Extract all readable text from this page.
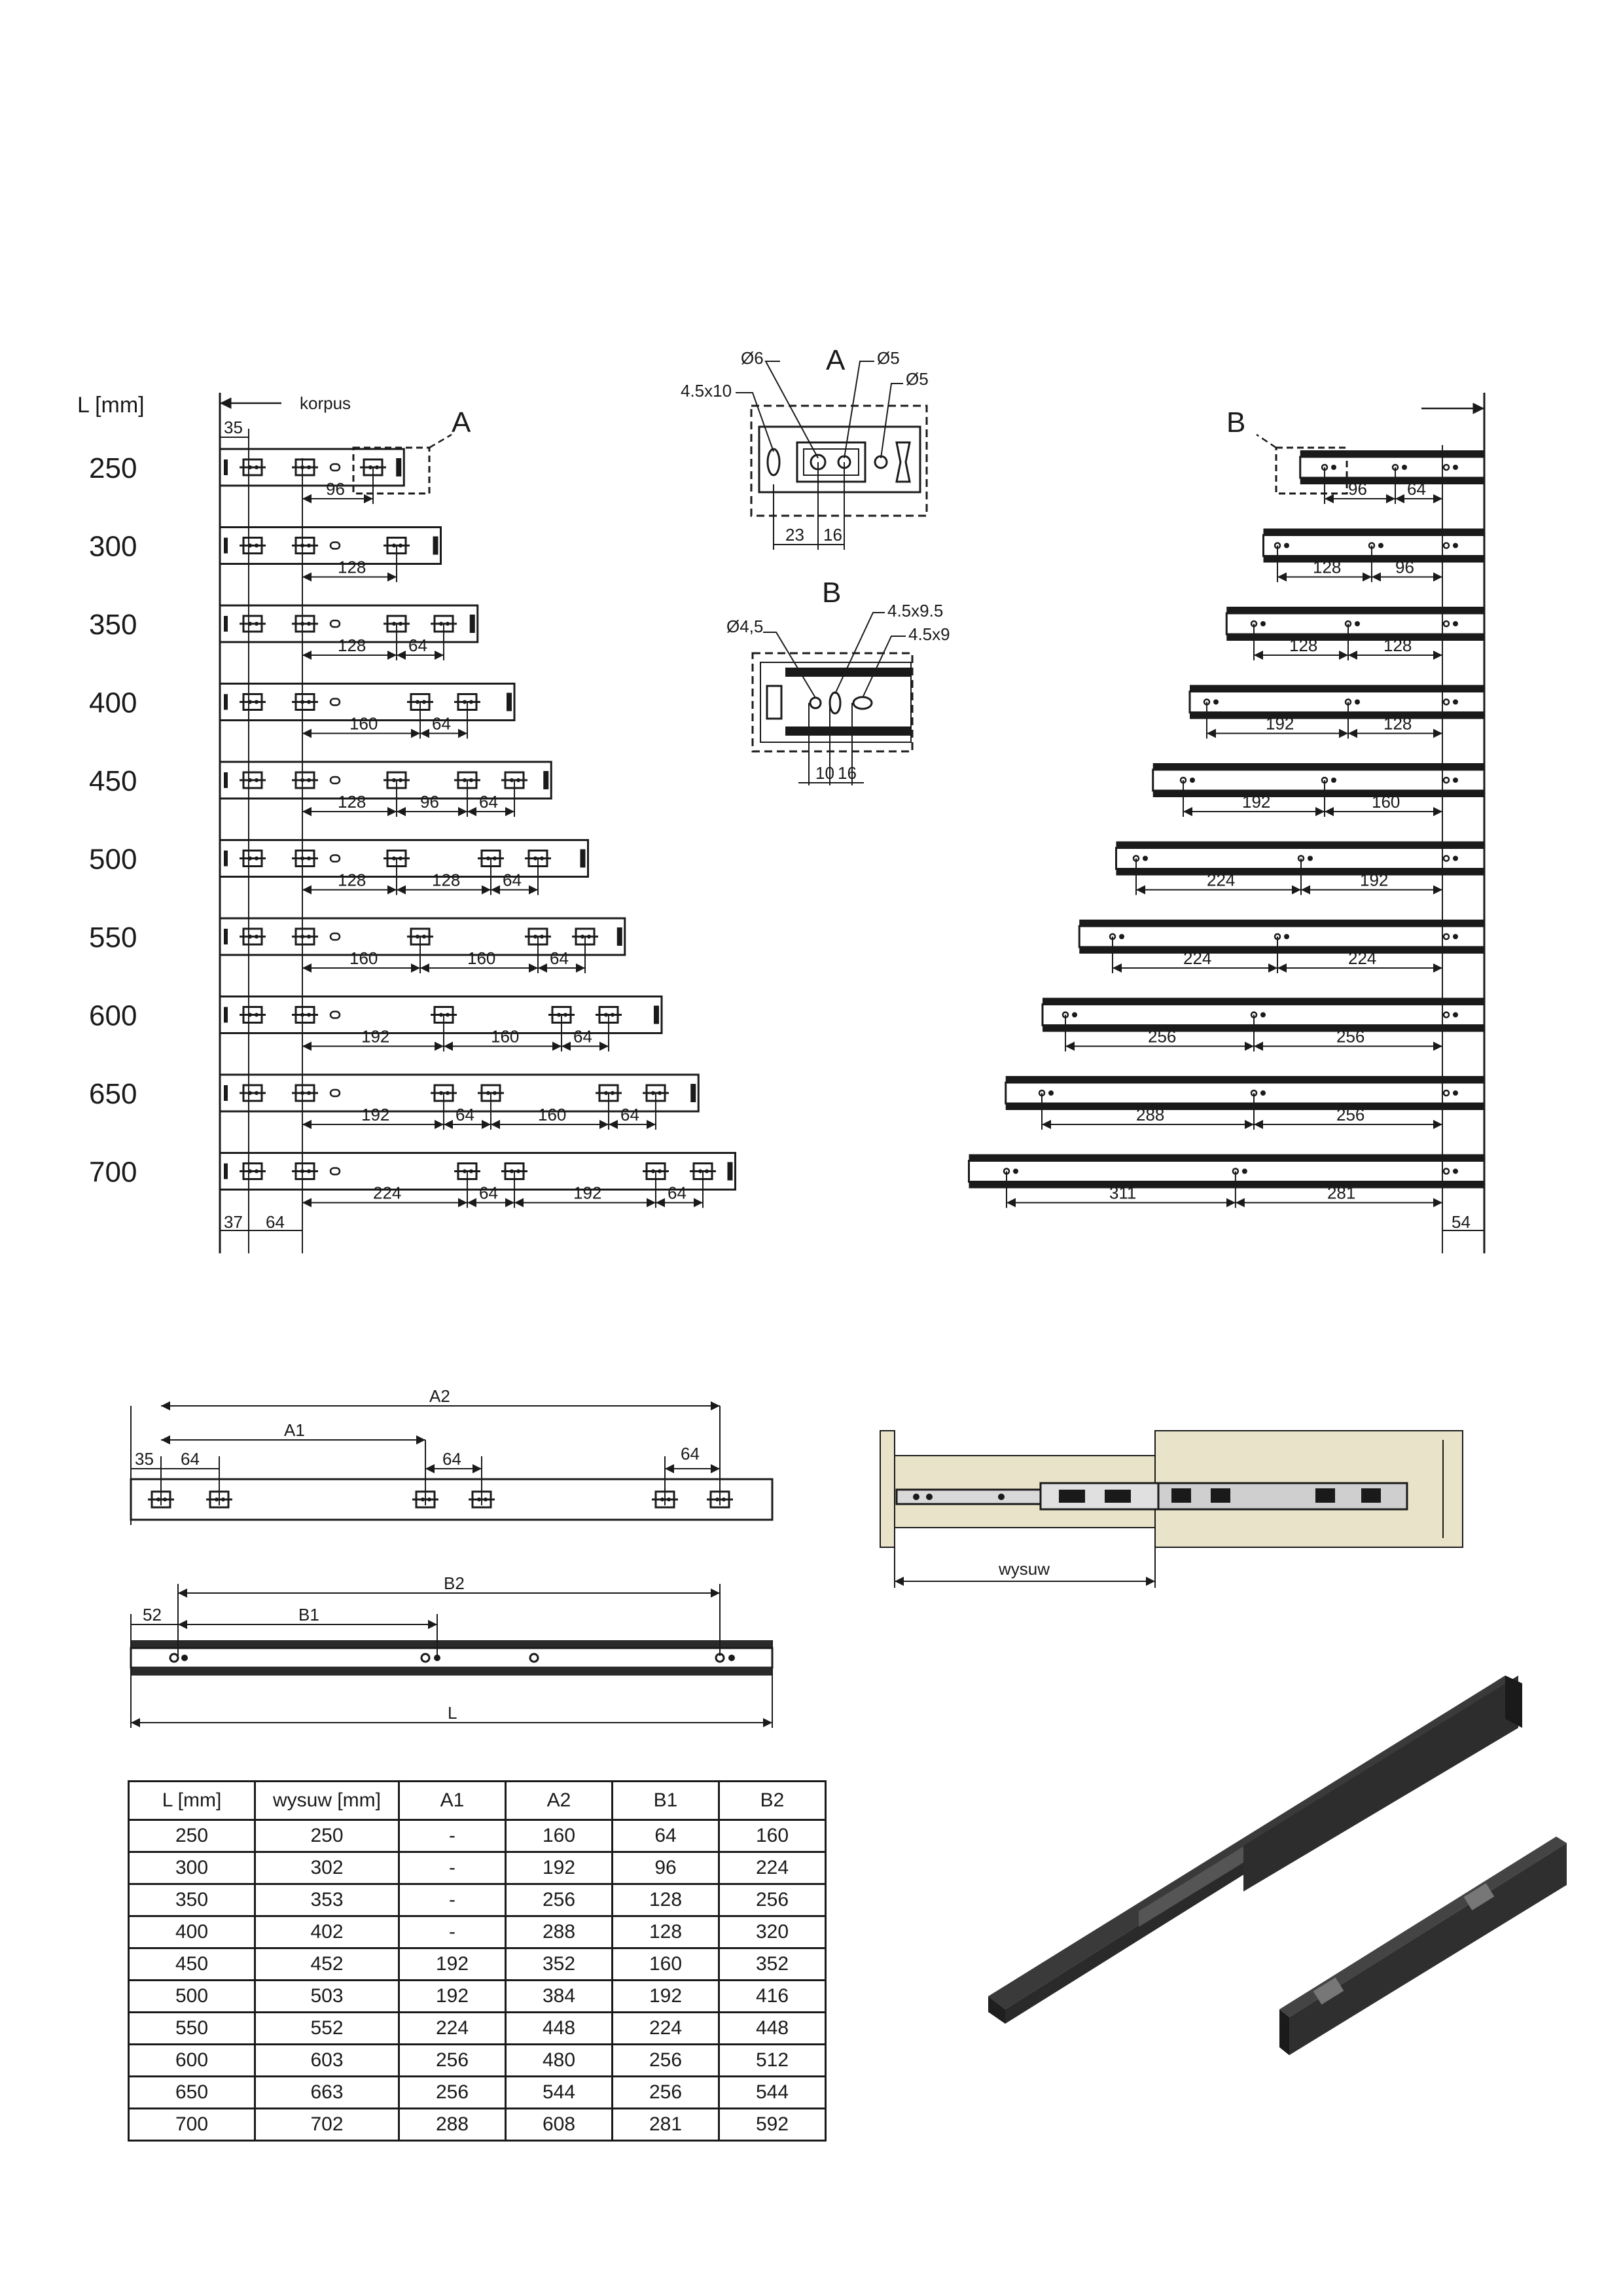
L [mm]	korpus
35	A
250
96
300
128
350
128 64
400
160	64
450
128	96 64
500
128	128 64
550
160	160	64
600
192	160	64
650
192	64	160	64
700
224	64	192	64
37 64
B
64
96
96
128
128
128
128
192
160
192
192
224
224
224
256
256
256
288
281
311
54
A
23 16
Ø6	Ø5
Ø5
4.5x10
B
10 16
Ø4,5
4.5x9.5
4.5x9
A2
A1
35 64	64	64
B2
B1
52
L
wysuw
L [mm]	wysuw [mm]	A1	A2	B1	B2
250	250	-	160	64	160
300	302	-	192	96	224
350	353	-	256	128	256
400	402	-	288	128	320
450	452	192	352	160	352
500	503	192	384	192	416
550	552	224	448	224	448
600	603	256	480	256	512
650	663	256	544	256	544
700	702	288	608	281	592
